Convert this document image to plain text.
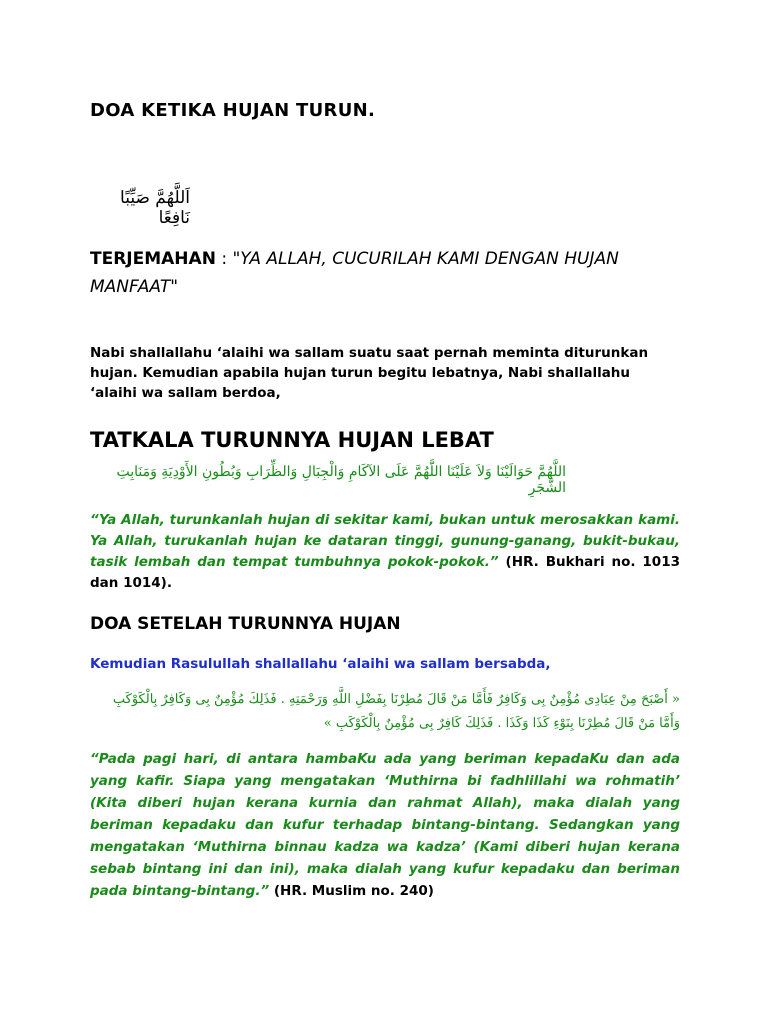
DOA KETIKA HUJAN TURUN.
اَللَّهُمَّ صَيِّبًا نَافِعًا
TERJEMAHAN : "YA ALLAH, CUCURILAH KAMI DENGAN HUJAN MANFAAT"
Nabi shallallahu ‘alaihi wa sallam suatu saat pernah meminta diturunkan hujan. Kemudian apabila hujan turun begitu lebatnya, Nabi shallallahu ‘alaihi wa sallam berdoa,
TATKALA TURUNNYA HUJAN LEBAT
اللَّهُمَّ حَوَالَيْنَا وَلاَ عَلَيْنَا اللَّهُمَّ عَلَى الآكَامِ وَالْجِبَالِ وَالظِّرَابِ وَبُطُونِ الأَوْدِيَةِ وَمَنَابِتِ الشَّجَرِ
“Ya Allah, turunkanlah hujan di sekitar kami, bukan untuk merosakkan kami. Ya Allah, turukanlah hujan ke dataran tinggi, gunung-ganang, bukit-bukau, tasik lembah dan tempat tumbuhnya pokok-pokok.” (HR. Bukhari no. 1013 dan 1014).
DOA SETELAH TURUNNYA HUJAN
Kemudian Rasulullah shallallahu ‘alaihi wa sallam bersabda,
« أَصْبَحَ مِنْ عِبَادِى مُؤْمِنٌ بِى وَكَافِرٌ فَأَمَّا مَنْ قَالَ مُطِرْنَا بِفَضْلِ اللَّهِ وَرَحْمَتِهِ . فَذَلِكَ مُؤْمِنٌ بِى وَكَافِرٌ بِالْكَوْكَبِ وَأَمَّا مَنْ قَالَ مُطِرْنَا بِنَوْءِ كَذَا وَكَذَا . فَذَلِكَ كَافِرٌ بِى مُؤْمِنٌ بِالْكَوْكَبِ »
“Pada pagi hari, di antara hambaKu ada yang beriman kepadaKu dan ada yang kafir. Siapa yang mengatakan ‘Muthirna bi fadhlillahi wa rohmatih’ (Kita diberi hujan kerana kurnia dan rahmat Allah), maka dialah yang beriman kepadaku dan kufur terhadap bintang-bintang. Sedangkan yang mengatakan ‘Muthirna binnau kadza wa kadza’ (Kami diberi hujan kerana sebab bintang ini dan ini), maka dialah yang kufur kepadaku dan beriman pada bintang-bintang.” (HR. Muslim no. 240)
